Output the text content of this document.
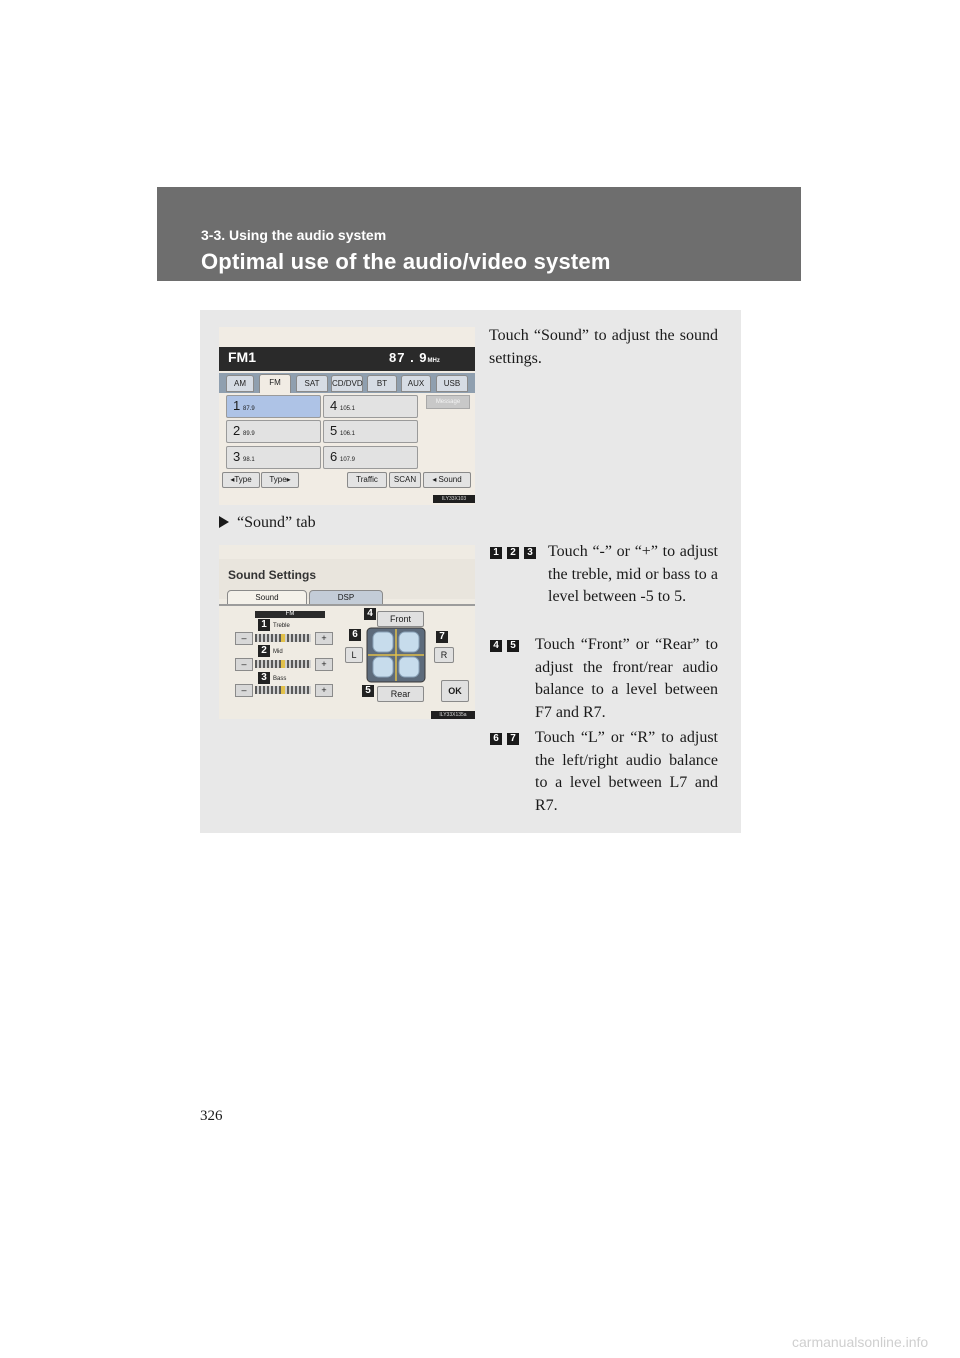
3-3. Using the audio system
Optimal use of the audio/video system
FM1	87 . 9MHz
AM	FM	SAT	CD/DVD	BT	AUX	USB
1 87.9
2 89.9
3 98.1
4 105.1
5 106.1
6 107.9
Message
◂Type	Type▸	Traffic	SCAN	◂ Sound
ILY33X103
Touch “Sound” to adjust the sound settings.
“Sound” tab
Sound Settings
Sound	DSP
FM
Treble
–	+
Mid
–	+
Bass
–	+
1
2
3
Front
Rear
L	R
OK
4
5
6	7
ILY33X135a
1	2	3 Touch “-” or “+” to adjust the treble, mid or bass to a level between -5 to 5.
4	5 Touch “Front” or “Rear” to adjust the front/rear audio balance to a level between F7 and R7.
6	7 Touch “L” or “R” to adjust the left/right audio balance to a level between L7 and R7.
326
carmanualsonline.info
